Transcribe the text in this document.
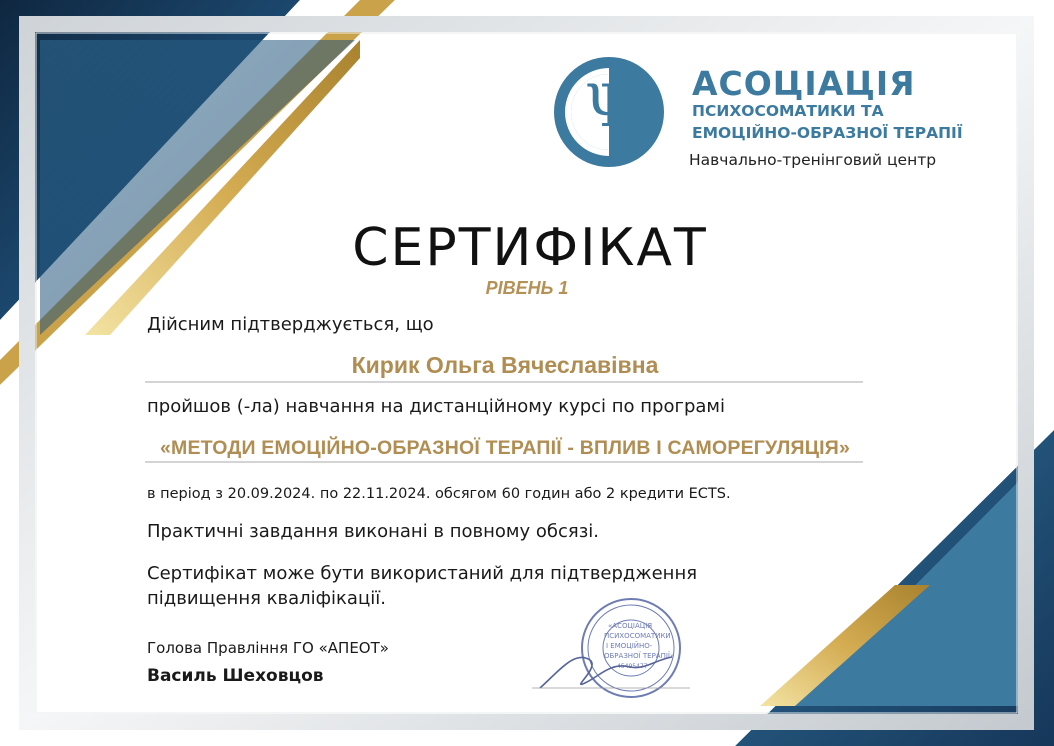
«АСОЦІАЦІЯ
ПСИХОСОМАТИКИ
І ЕМОЦІЙНО-
ОБРАЗНОЇ ТЕРАПІЇ»
45495477
Ψ АСОЦІАЦІЯ
ПСИХОСОМАТИКИ ТА
ЕМОЦІЙНО-ОБРАЗНОЇ ТЕРАПІЇ
Навчально-тренінговий центр
СЕРТИФІКАТ
РІВЕНЬ 1
Дійсним підтверджується, що
Кирик Ольга Вячеславівна
пройшов (-ла) навчання на дистанційному курсі по програмі
«МЕТОДИ ЕМОЦІЙНО-ОБРАЗНОЇ ТЕРАПІЇ - ВПЛИВ І САМОРЕГУЛЯЦІЯ»
в період з 20.09.2024. по 22.11.2024. обсягом 60 годин або 2 кредити ECTS.
Практичні завдання виконані в повному обсязі.
Сертифікат може бути використаний для підтвердження
підвищення кваліфікації.
Голова Правління ГО «АПЕОТ»
Василь Шеховцов
